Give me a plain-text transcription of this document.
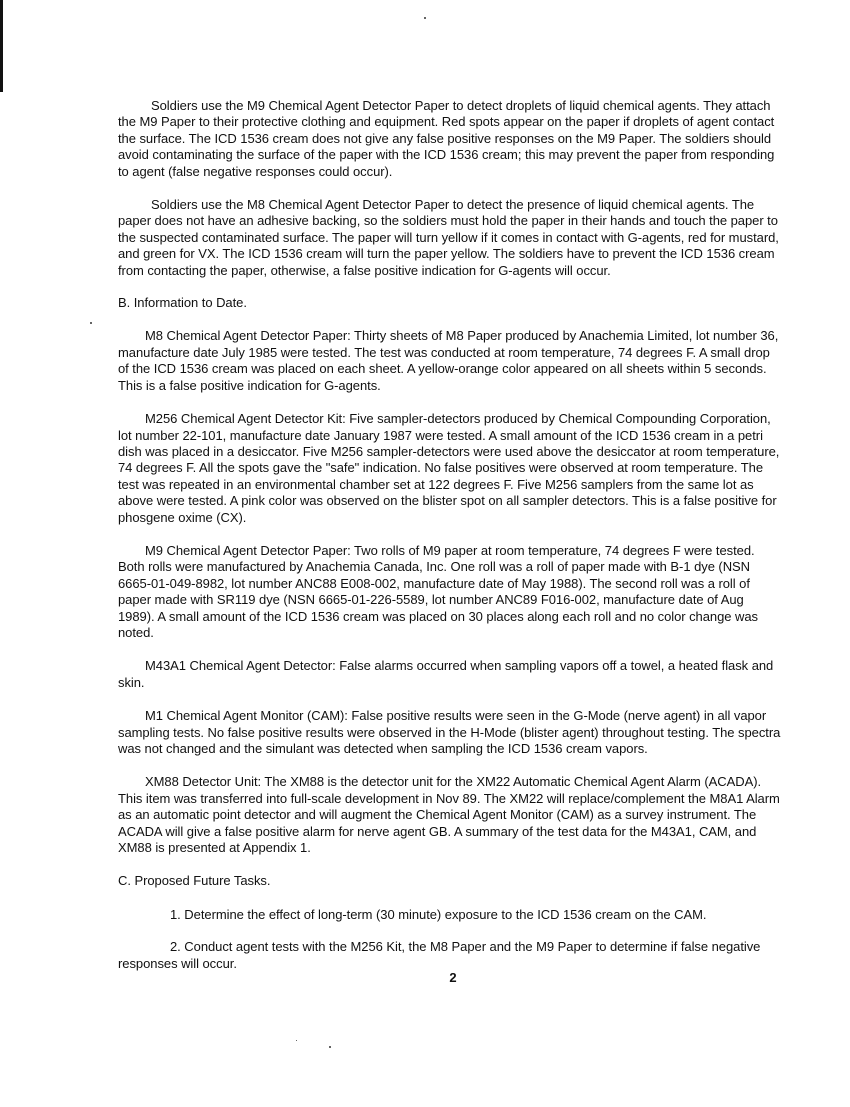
Soldiers use the M9 Chemical Agent Detector Paper to detect droplets of liquid chemical agents. They attach the M9 Paper to their protective clothing and equipment. Red spots appear on the paper if droplets of agent contact the surface. The ICD 1536 cream does not give any false positive responses on the M9 Paper. The soldiers should avoid contaminating the surface of the paper with the ICD 1536 cream; this may prevent the paper from responding to agent (false negative responses could occur).

Soldiers use the M8 Chemical Agent Detector Paper to detect the presence of liquid chemical agents. The paper does not have an adhesive backing, so the soldiers must hold the paper in their hands and touch the paper to the suspected contaminated surface. The paper will turn yellow if it comes in contact with G-agents, red for mustard, and green for VX. The ICD 1536 cream will turn the paper yellow. The soldiers have to prevent the ICD 1536 cream from contacting the paper, otherwise, a false positive indication for G-agents will occur.

B. Information to Date.

M8 Chemical Agent Detector Paper: Thirty sheets of M8 Paper produced by Anachemia Limited, lot number 36, manufacture date July 1985 were tested. The test was conducted at room temperature, 74 degrees F. A small drop of the ICD 1536 cream was placed on each sheet. A yellow-orange color appeared on all sheets within 5 seconds. This is a false positive indication for G-agents.

M256 Chemical Agent Detector Kit: Five sampler-detectors produced by Chemical Compounding Corporation, lot number 22-101, manufacture date January 1987 were tested. A small amount of the ICD 1536 cream in a petri dish was placed in a desiccator. Five M256 sampler-detectors were used above the desiccator at room temperature, 74 degrees F. All the spots gave the "safe" indication. No false positives were observed at room temperature. The test was repeated in an environmental chamber set at 122 degrees F. Five M256 samplers from the same lot as above were tested. A pink color was observed on the blister spot on all sampler detectors. This is a false positive for phosgene oxime (CX).

M9 Chemical Agent Detector Paper: Two rolls of M9 paper at room temperature, 74 degrees F were tested. Both rolls were manufactured by Anachemia Canada, Inc. One roll was a roll of paper made with B-1 dye (NSN 6665-01-049-8982, lot number ANC88 E008-002, manufacture date of May 1988). The second roll was a roll of paper made with SR119 dye (NSN 6665-01-226-5589, lot number ANC89 F016-002, manufacture date of Aug 1989). A small amount of the ICD 1536 cream was placed on 30 places along each roll and no color change was noted.

M43A1 Chemical Agent Detector: False alarms occurred when sampling vapors off a towel, a heated flask and skin.

M1 Chemical Agent Monitor (CAM): False positive results were seen in the G-Mode (nerve agent) in all vapor sampling tests. No false positive results were observed in the H-Mode (blister agent) throughout testing. The spectra was not changed and the simulant was detected when sampling the ICD 1536 cream vapors.

XM88 Detector Unit: The XM88 is the detector unit for the XM22 Automatic Chemical Agent Alarm (ACADA). This item was transferred into full-scale development in Nov 89. The XM22 will replace/complement the M8A1 Alarm as an automatic point detector and will augment the Chemical Agent Monitor (CAM) as a survey instrument. The ACADA will give a false positive alarm for nerve agent GB. A summary of the test data for the M43A1, CAM, and XM88 is presented at Appendix 1.

C. Proposed Future Tasks.
1. Determine the effect of long-term (30 minute) exposure to the ICD 1536 cream on the CAM.
2. Conduct agent tests with the M256 Kit, the M8 Paper and the M9 Paper to determine if false negative responses will occur.
2
